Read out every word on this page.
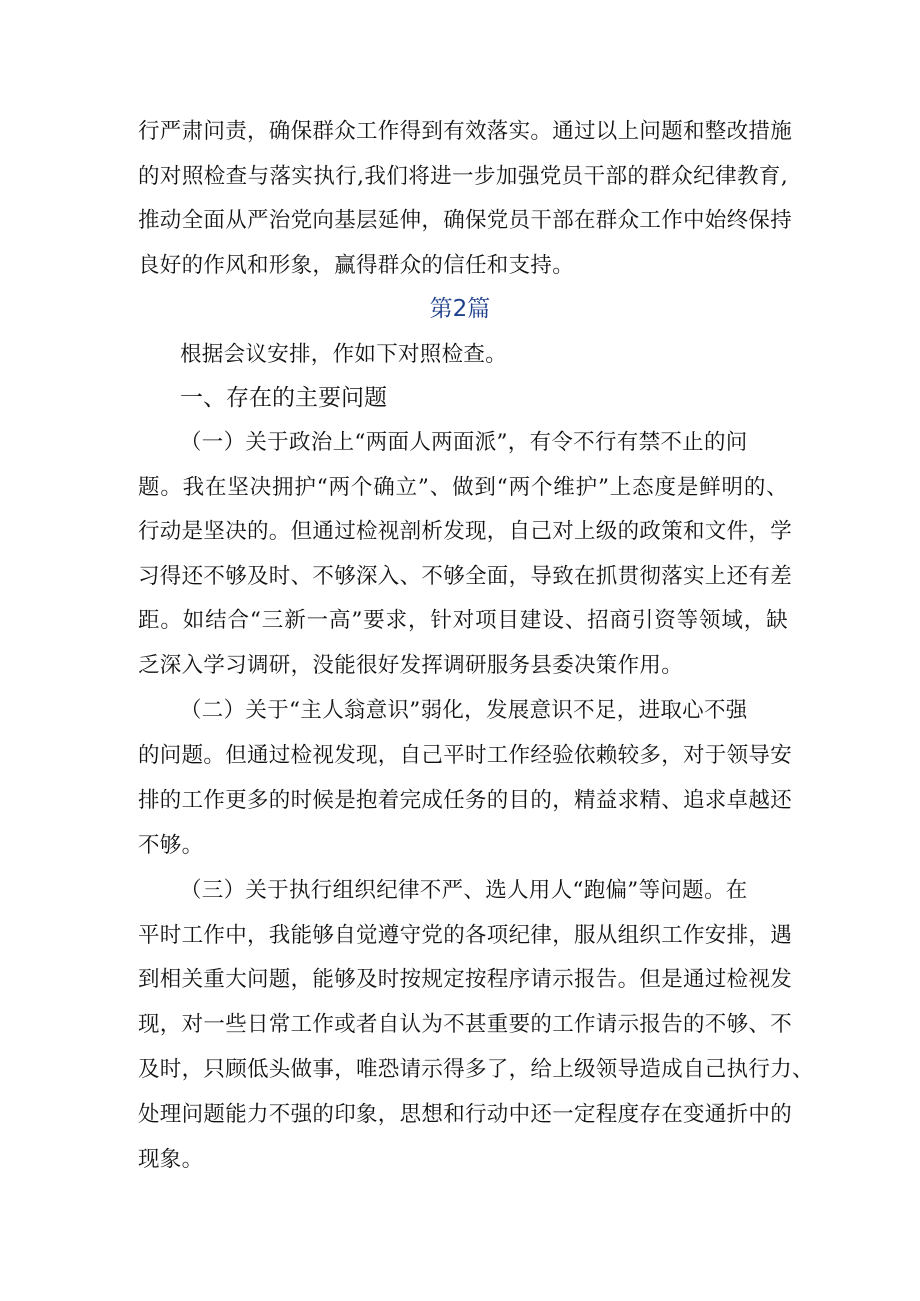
行严肃问责，确保群众工作得到有效落实。通过以上问题和整改措施
的对照检查与落实执行,我们将进一步加强党员干部的群众纪律教育,
推动全面从严治党向基层延伸，确保党员干部在群众工作中始终保持
良好的作风和形象，赢得群众的信任和支持。
第2篇
根据会议安排，作如下对照检查。
一、存在的主要问题
（一）关于政治上“两面人两面派”，有令不行有禁不止的问
题。我在坚决拥护“两个确立”、做到“两个维护”上态度是鲜明的、
行动是坚决的。但通过检视剖析发现，自己对上级的政策和文件，学
习得还不够及时、不够深入、不够全面，导致在抓贯彻落实上还有差
距。如结合“三新一高”要求，针对项目建设、招商引资等领域，缺
乏深入学习调研，没能很好发挥调研服务县委决策作用。
（二）关于“主人翁意识”弱化，发展意识不足，进取心不强
的问题。但通过检视发现，自己平时工作经验依赖较多，对于领导安
排的工作更多的时候是抱着完成任务的目的，精益求精、追求卓越还
不够。
（三）关于执行组织纪律不严、选人用人“跑偏”等问题。在
平时工作中，我能够自觉遵守党的各项纪律，服从组织工作安排，遇
到相关重大问题，能够及时按规定按程序请示报告。但是通过检视发
现，对一些日常工作或者自认为不甚重要的工作请示报告的不够、不
及时，只顾低头做事，唯恐请示得多了，给上级领导造成自己执行力、
处理问题能力不强的印象，思想和行动中还一定程度存在变通折中的
现象。
